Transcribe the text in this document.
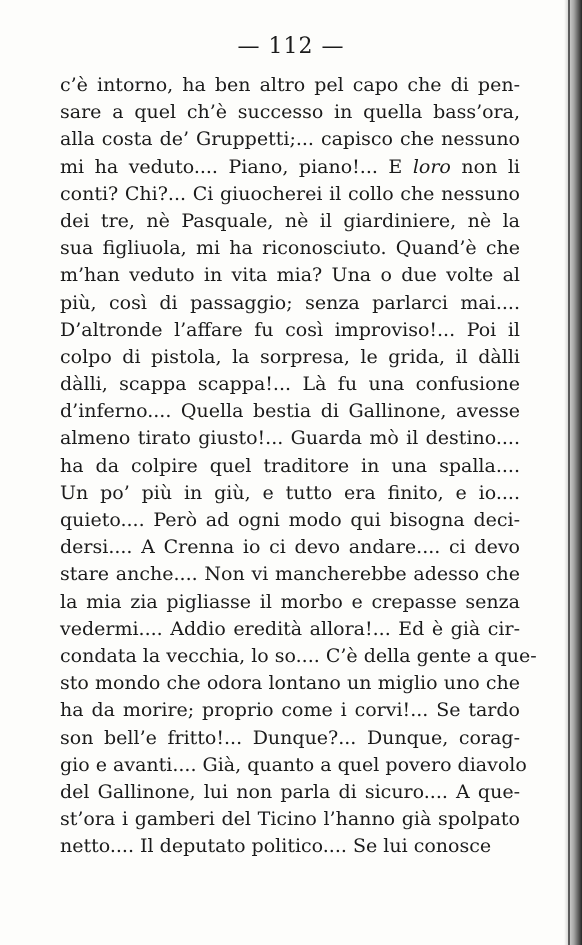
— 112 —
c’è intorno, ha ben altro pel capo che di pen-
sare a quel ch’è successo in quella bass’ora,
alla costa de’ Gruppetti;... capisco che nessuno
mi ha veduto.... Piano, piano!... E loro non li
conti? Chi?... Ci giuocherei il collo che nessuno
dei tre, nè Pasquale, nè il giardiniere, nè la
sua figliuola, mi ha riconosciuto. Quand’è che
m’han veduto in vita mia? Una o due volte al
più, così di passaggio; senza parlarci mai....
D’altronde l’affare fu così improviso!... Poi il
colpo di pistola, la sorpresa, le grida, il dàlli
dàlli, scappa scappa!... Là fu una confusione
d’inferno.... Quella bestia di Gallinone, avesse
almeno tirato giusto!... Guarda mò il destino....
ha da colpire quel traditore in una spalla....
Un po’ più in giù, e tutto era finito, e io....
quieto.... Però ad ogni modo qui bisogna deci-
dersi.... A Crenna io ci devo andare.... ci devo
stare anche.... Non vi mancherebbe adesso che
la mia zia pigliasse il morbo e crepasse senza
vedermi.... Addio eredità allora!... Ed è già cir-
condata la vecchia, lo so.... C’è della gente a que-
sto mondo che odora lontano un miglio uno che
ha da morire; proprio come i corvi!... Se tardo
son bell’e fritto!... Dunque?... Dunque, corag-
gio e avanti.... Già, quanto a quel povero diavolo
del Gallinone, lui non parla di sicuro.... A que-
st’ora i gamberi del Ticino l’hanno già spolpato
netto.... Il deputato politico.... Se lui conosce
